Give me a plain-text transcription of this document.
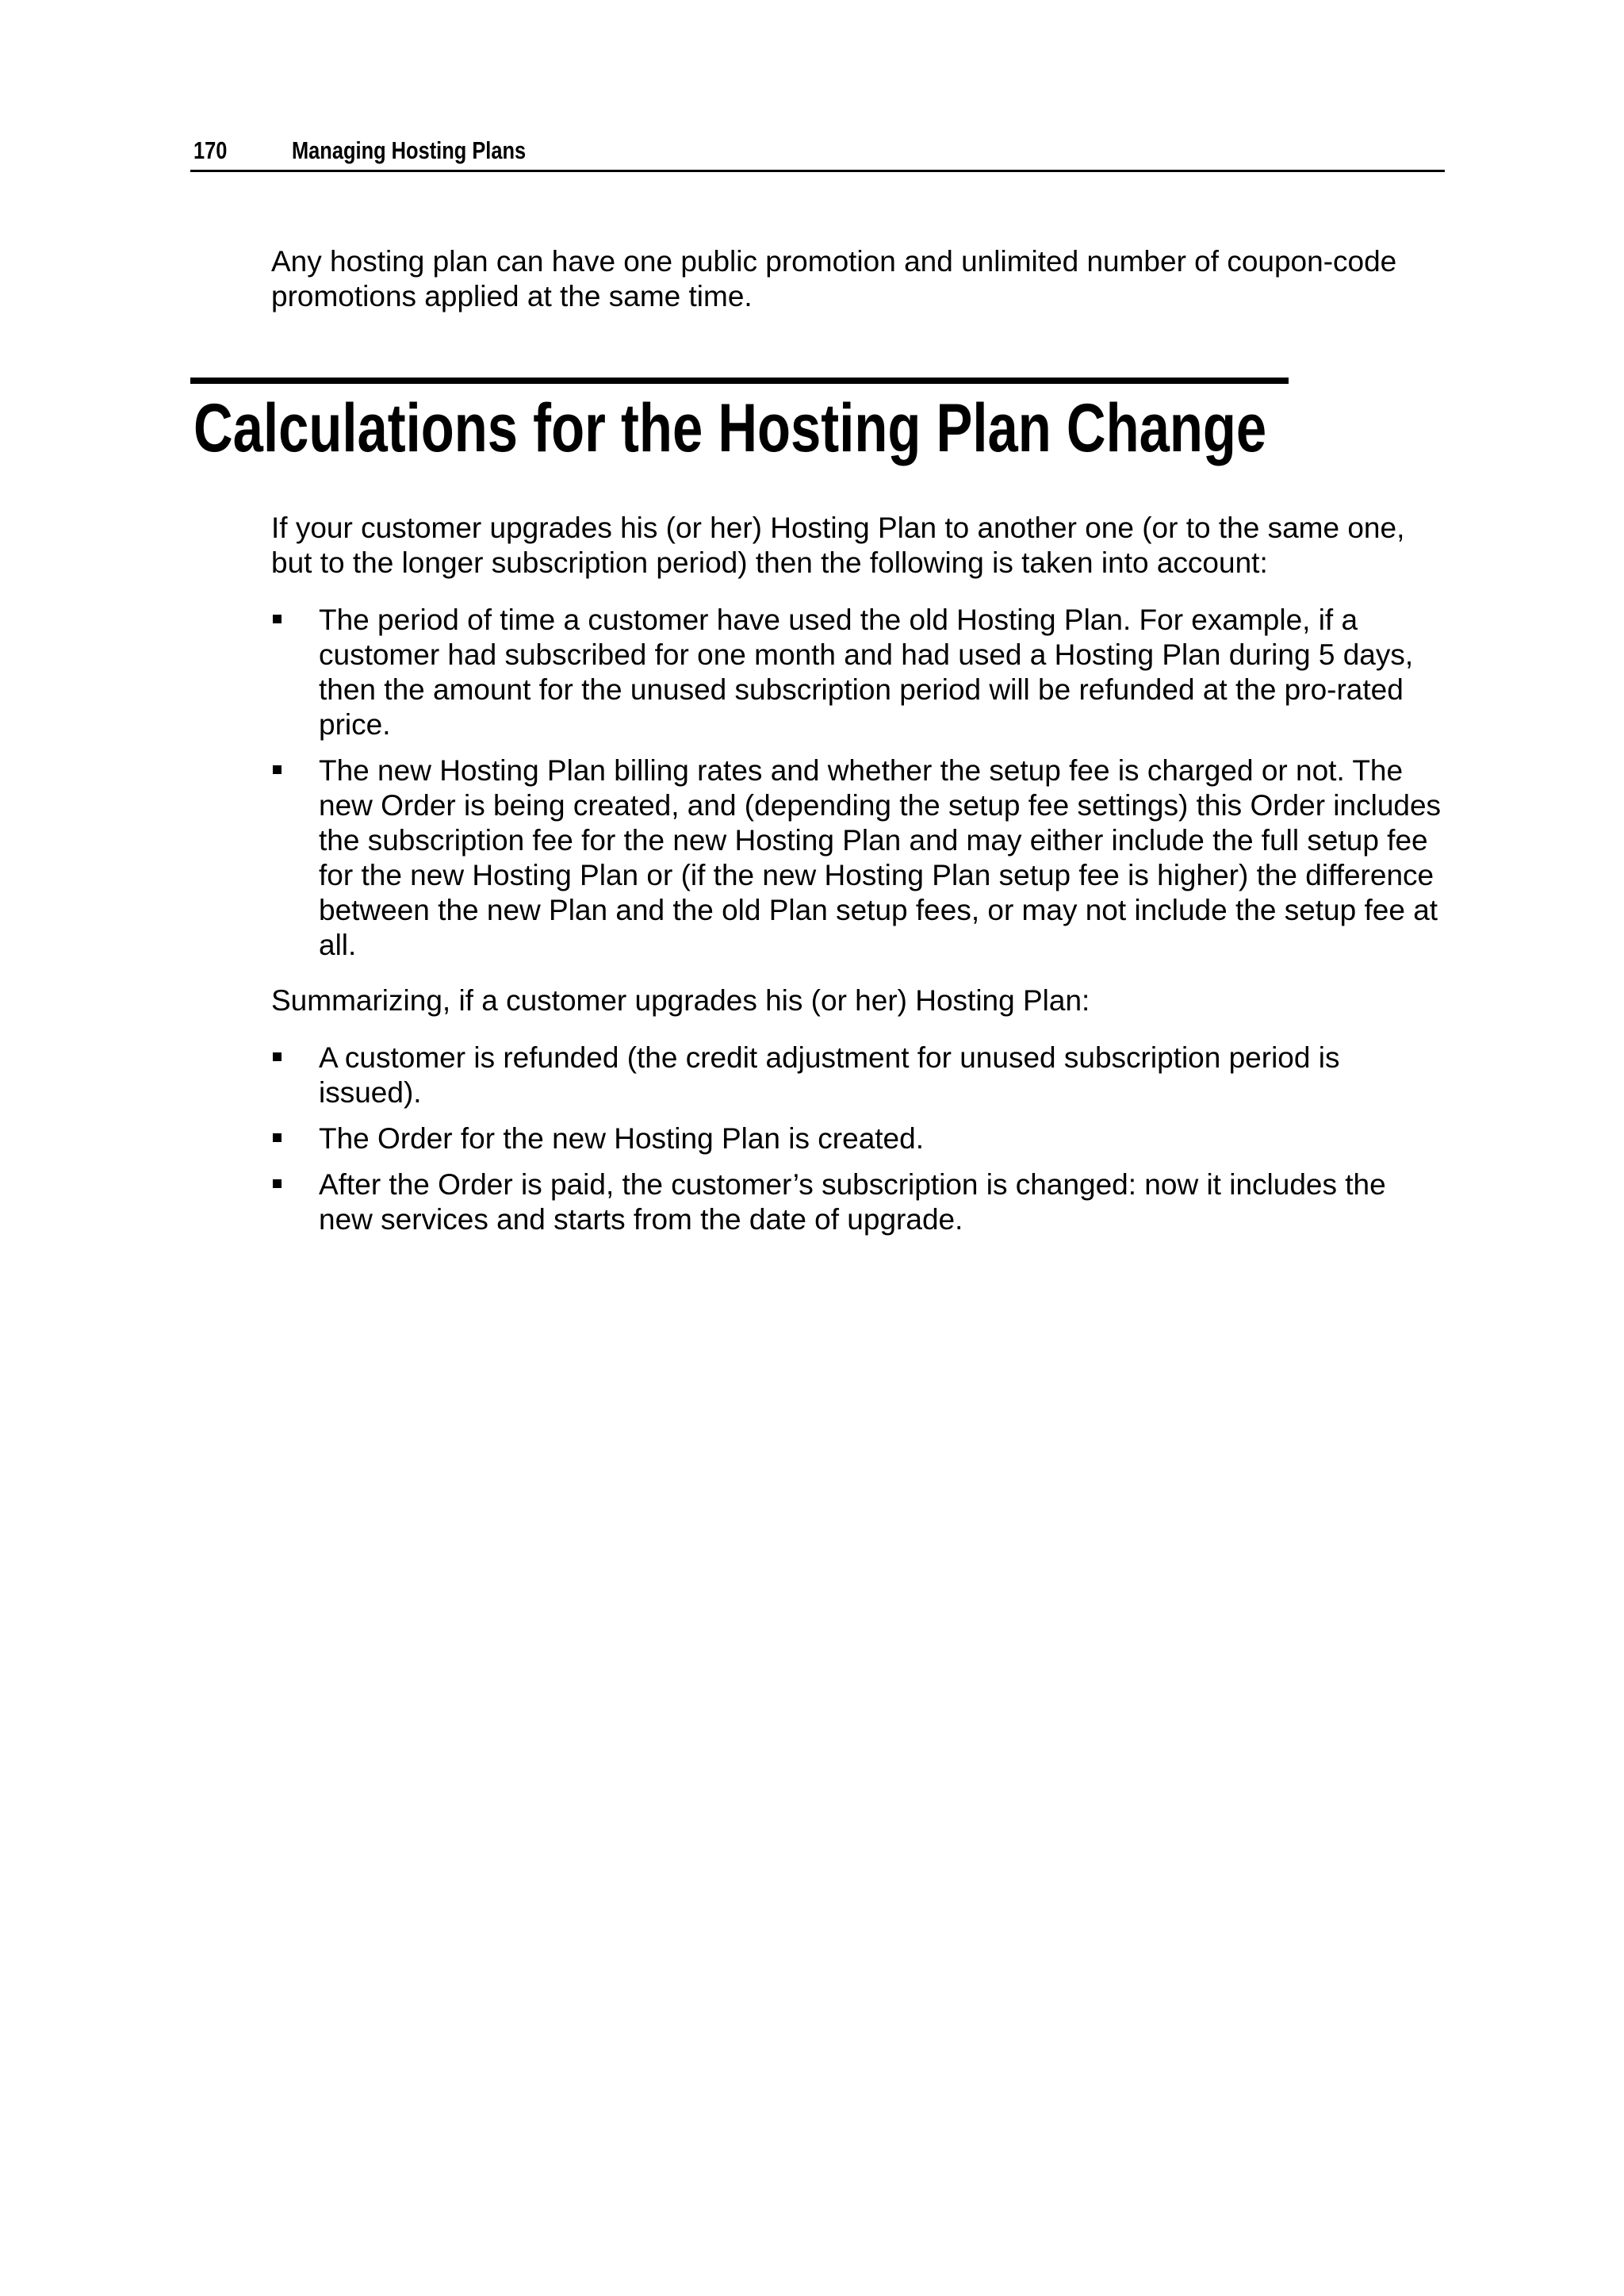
170	Managing Hosting Plans

Any hosting plan can have one public promotion and unlimited number of coupon-code promotions applied at the same time.

Calculations for the Hosting Plan Change

If your customer upgrades his (or her) Hosting Plan to another one (or to the same one, but to the longer subscription period) then the following is taken into account:

The period of time a customer have used the old Hosting Plan. For example, if a customer had subscribed for one month and had used a Hosting Plan during 5 days, then the amount for the unused subscription period will be refunded at the pro-rated price.
The new Hosting Plan billing rates and whether the setup fee is charged or not. The new Order is being created, and (depending the setup fee settings) this Order includes the subscription fee for the new Hosting Plan and may either include the full setup fee for the new Hosting Plan or (if the new Hosting Plan setup fee is higher) the difference between the new Plan and the old Plan setup fees, or may not include the setup fee at all.

Summarizing, if a customer upgrades his (or her) Hosting Plan:

A customer is refunded (the credit adjustment for unused subscription period is issued).
The Order for the new Hosting Plan is created.
After the Order is paid, the customer’s subscription is changed: now it includes the new services and starts from the date of upgrade.
